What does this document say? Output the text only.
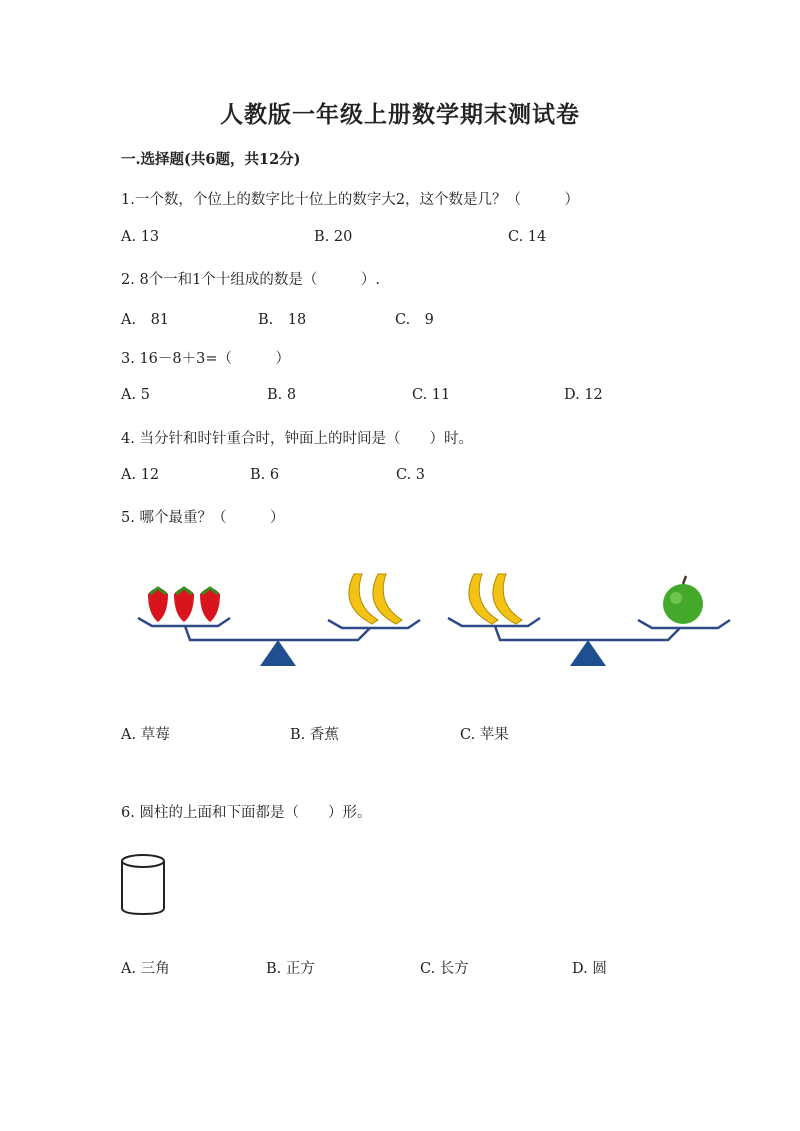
人教版一年级上册数学期末测试卷
一.选择题(共6题，共12分)
1.一个数，个位上的数字比十位上的数字大2，这个数是几？（　　　）
A. 13	B. 20	C. 14
2. 8个一和1个十组成的数是（　　　）.
A.　81	B.　18	C.　9
3. 16－8＋3=（　　　）
A. 5	B. 8	C. 11	D. 12
4. 当分针和时针重合时，钟面上的时间是（　　）时。
A. 12	B. 6	C. 3
5. 哪个最重？（　　　）
A. 草莓	B. 香蕉	C. 苹果
6. 圆柱的上面和下面都是（　　）形。
A. 三角	B. 正方	C. 长方	D. 圆
